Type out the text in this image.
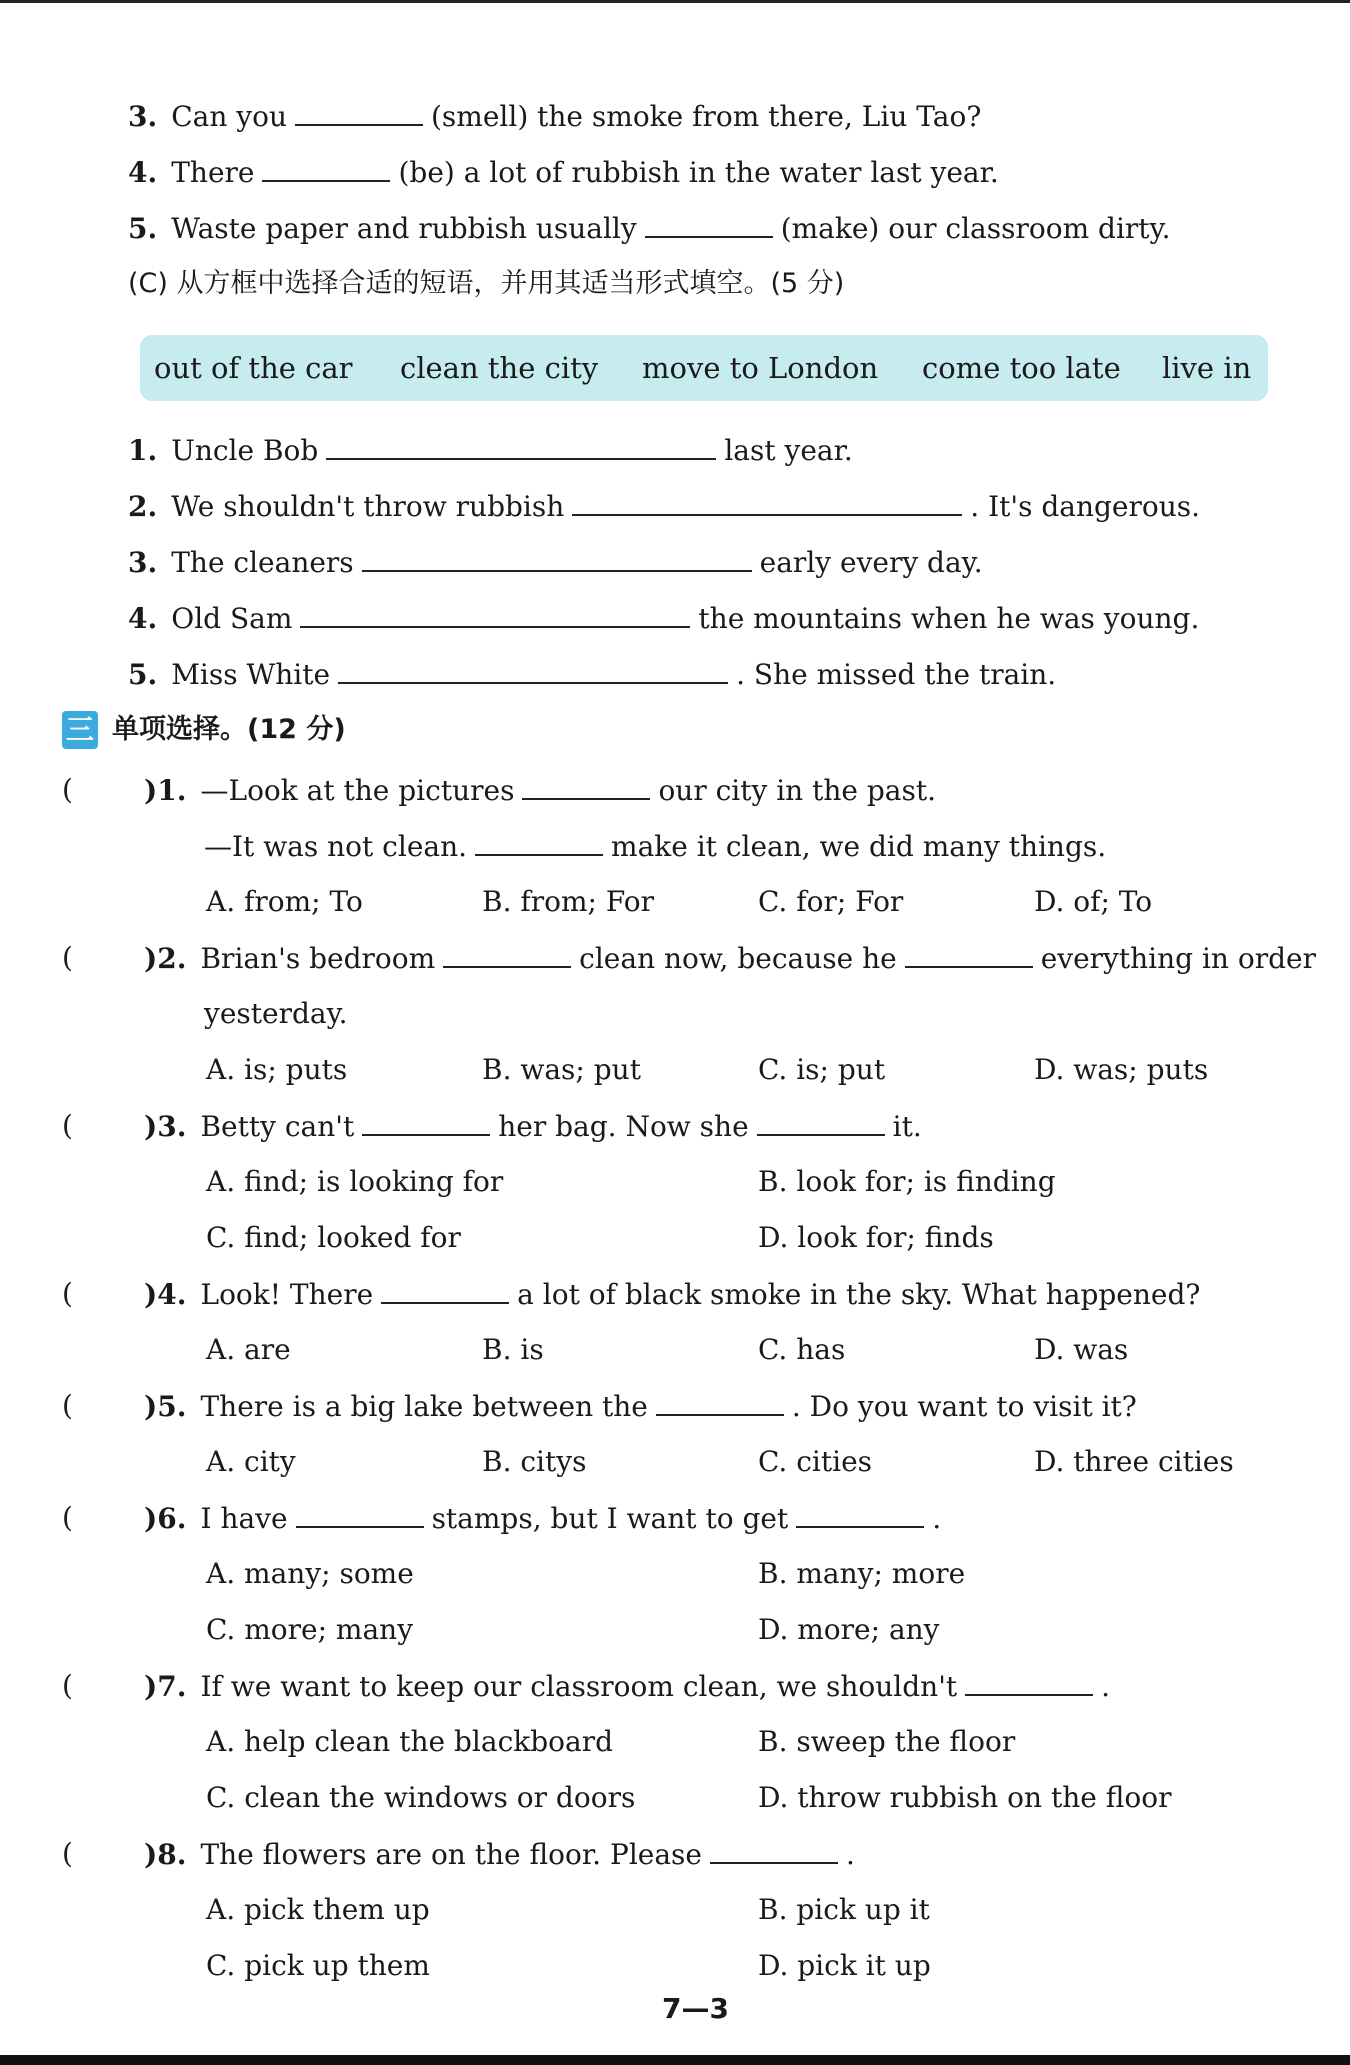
3. Can you	(smell) the smoke from there, Liu Tao?
4. There	(be) a lot of rubbish in the water last year.
5. Waste paper and rubbish usually	(make) our classroom dirty.
(C) 从方框中选择合适的短语，并用其适当形式填空。(5 分)
out of the car clean the city move to London come too late live in
1. Uncle Bob	last year.
2. We shouldn't throw rubbish	. It's dangerous.
3. The cleaners	early every day.
4. Old Sam	the mountains when he was young.
5. Miss White	. She missed the train.
三 单项选择。(12 分)
(	)1. —Look at the pictures	our city in the past.
—It was not clean.	make it clean, we did many things.
A. from; To	B. from; For	C. for; For	D. of; To
(	)2. Brian's bedroom	clean now, because he	everything in order
yesterday.
A. is; puts	B. was; put	C. is; put	D. was; puts
(	)3. Betty can't	her bag. Now she	it.
A. find; is looking for	B. look for; is finding
C. find; looked for	D. look for; finds
(	)4. Look! There	a lot of black smoke in the sky. What happened?
A. are	B. is	C. has	D. was
(	)5. There is a big lake between the	. Do you want to visit it?
A. city	B. citys	C. cities	D. three cities
(	)6. I have	stamps, but I want to get	.
A. many; some	B. many; more
C. more; many	D. more; any
(	)7. If we want to keep our classroom clean, we shouldn't	.
A. help clean the blackboard	B. sweep the floor
C. clean the windows or doors	D. throw rubbish on the floor
(	)8. The flowers are on the floor. Please	.
A. pick them up	B. pick up it
C. pick up them	D. pick it up
7—3
